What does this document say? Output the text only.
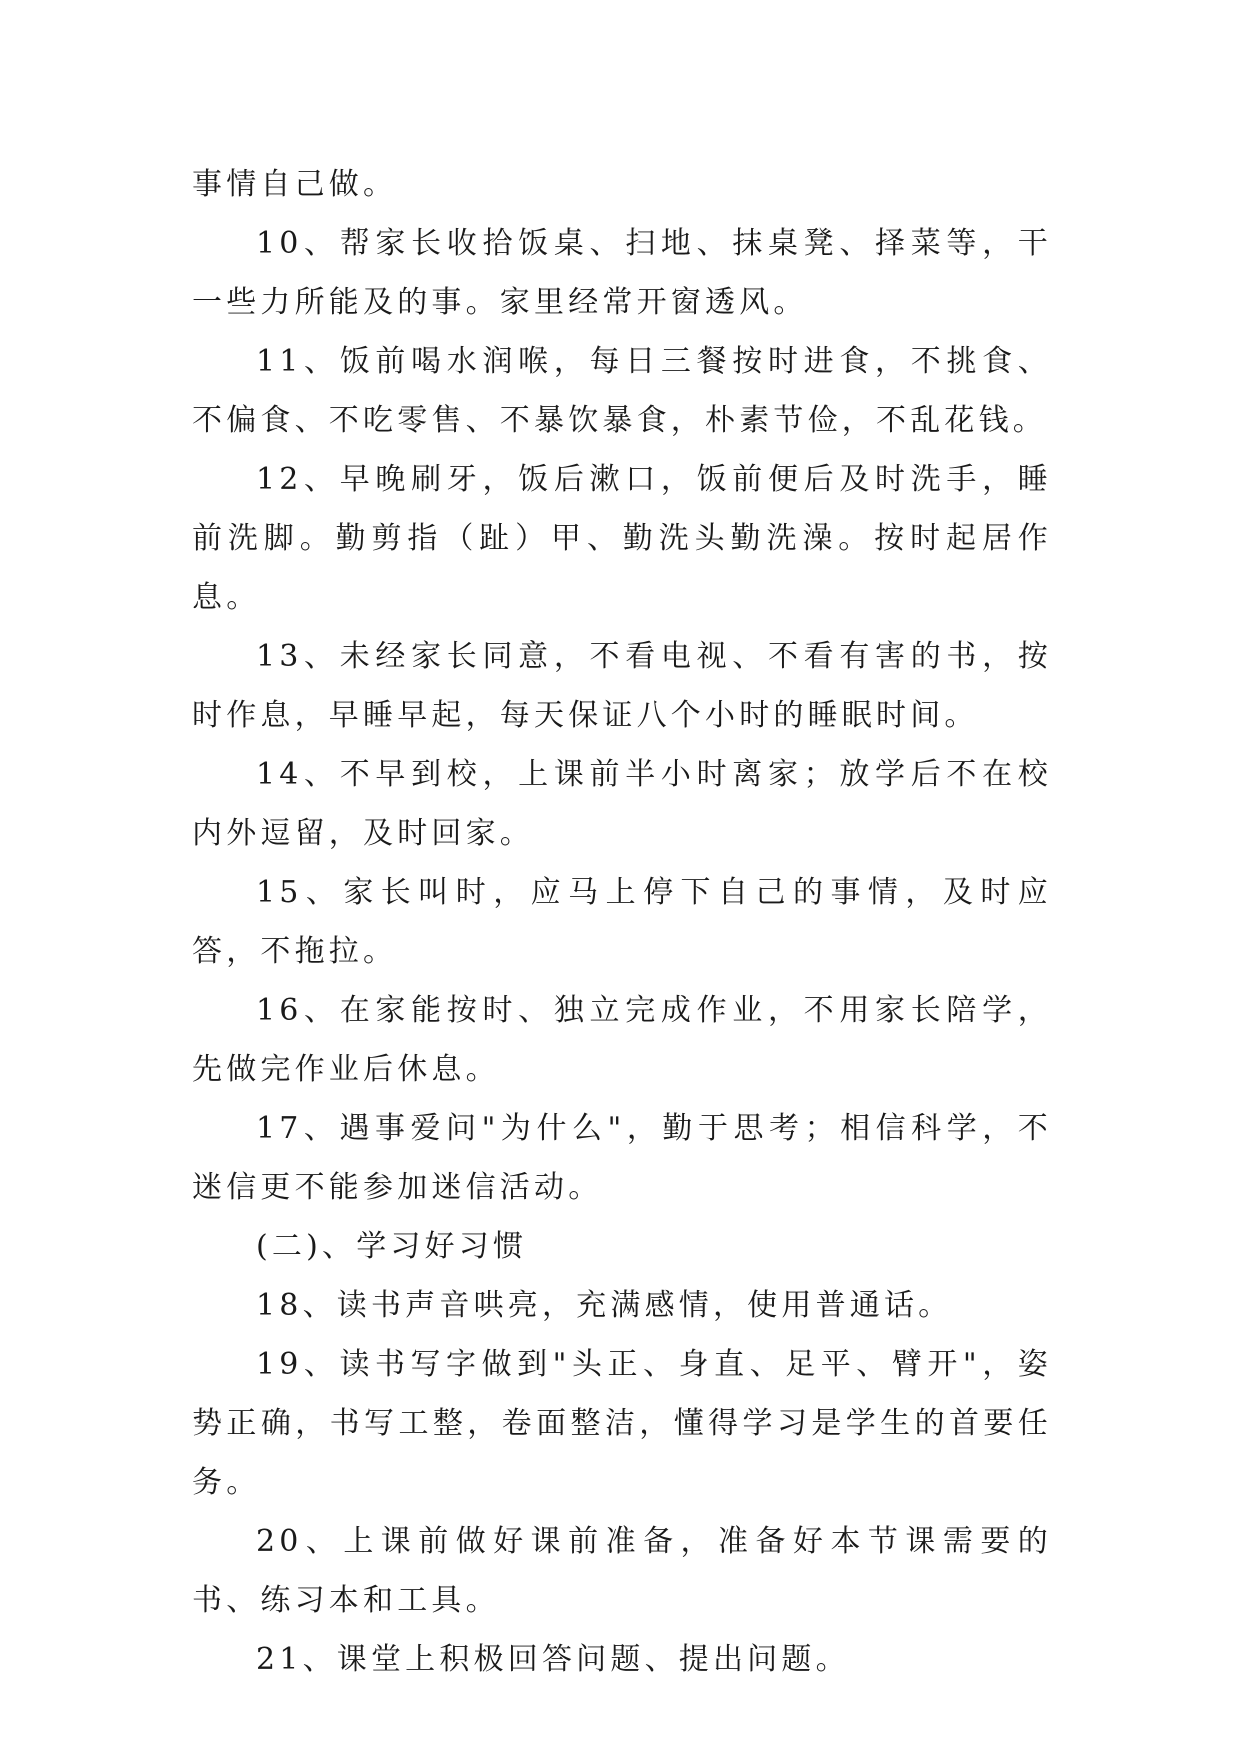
事情自己做。

10、帮家长收拾饭桌、扫地、抹桌凳、择菜等，干一些力所能及的事。家里经常开窗透风。

11、饭前喝水润喉，每日三餐按时进食，不挑食、不偏食、不吃零售、不暴饮暴食，朴素节俭，不乱花钱。

12、早晚刷牙，饭后漱口，饭前便后及时洗手，睡前洗脚。勤剪指（趾）甲、勤洗头勤洗澡。按时起居作息。

13、未经家长同意，不看电视、不看有害的书，按时作息，早睡早起，每天保证八个小时的睡眠时间。

14、不早到校，上课前半小时离家；放学后不在校内外逗留，及时回家。

15、家长叫时，应马上停下自己的事情，及时应答，不拖拉。

16、在家能按时、独立完成作业，不用家长陪学，先做完作业后休息。

17、遇事爱问"为什么"，勤于思考；相信科学，不迷信更不能参加迷信活动。

(二)、学习好习惯

18、读书声音哄亮，充满感情，使用普通话。

19、读书写字做到"头正、身直、足平、臂开"，姿势正确，书写工整，卷面整洁，懂得学习是学生的首要任务。

20、上课前做好课前准备，准备好本节课需要的书、练习本和工具。

21、课堂上积极回答问题、提出问题。
